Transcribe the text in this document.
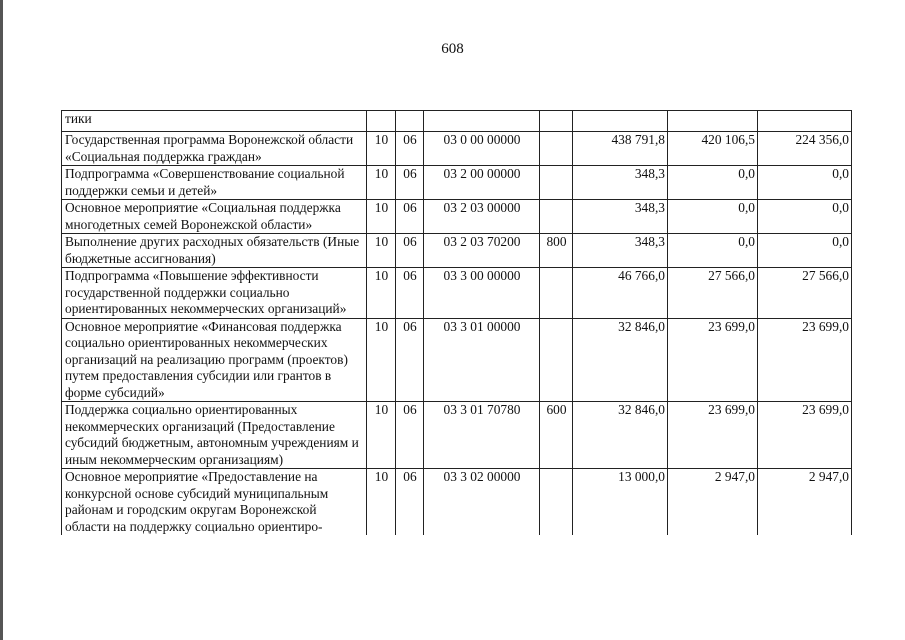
608
тики							
Государственная программа Воронежской области «Социальная поддержка граждан»	10	06	03 0 00 00000		438 791,8	420 106,5	224 356,0
Подпрограмма «Совершенствование социальной поддержки семьи и детей»	10	06	03 2 00 00000		348,3	0,0	0,0
Основное мероприятие «Социальная поддержка многодетных семей Воронежской области»	10	06	03 2 03 00000		348,3	0,0	0,0
Выполнение других расходных обязательств (Иные бюджетные ассигнования)	10	06	03 2 03 70200	800	348,3	0,0	0,0
Подпрограмма «Повышение эффективности государственной поддержки социально ориентированных некоммерческих организаций»	10	06	03 3 00 00000		46 766,0	27 566,0	27 566,0
Основное мероприятие «Финансовая поддержка социально ориентированных некоммерческих организаций на реализацию программ (проектов) путем предоставления субсидии или грантов в форме субсидий»	10	06	03 3 01 00000		32 846,0	23 699,0	23 699,0
Поддержка социально ориентированных некоммерческих организаций (Предоставление субсидий бюджетным, автономным учреждениям и иным некоммерческим организациям)	10	06	03 3 01 70780	600	32 846,0	23 699,0	23 699,0
Основное мероприятие «Предоставление на конкурсной основе субсидий муниципальным районам и городским округам Воронежской области на поддержку социально ориентиро-	10	06	03 3 02 00000		13 000,0	2 947,0	2 947,0
